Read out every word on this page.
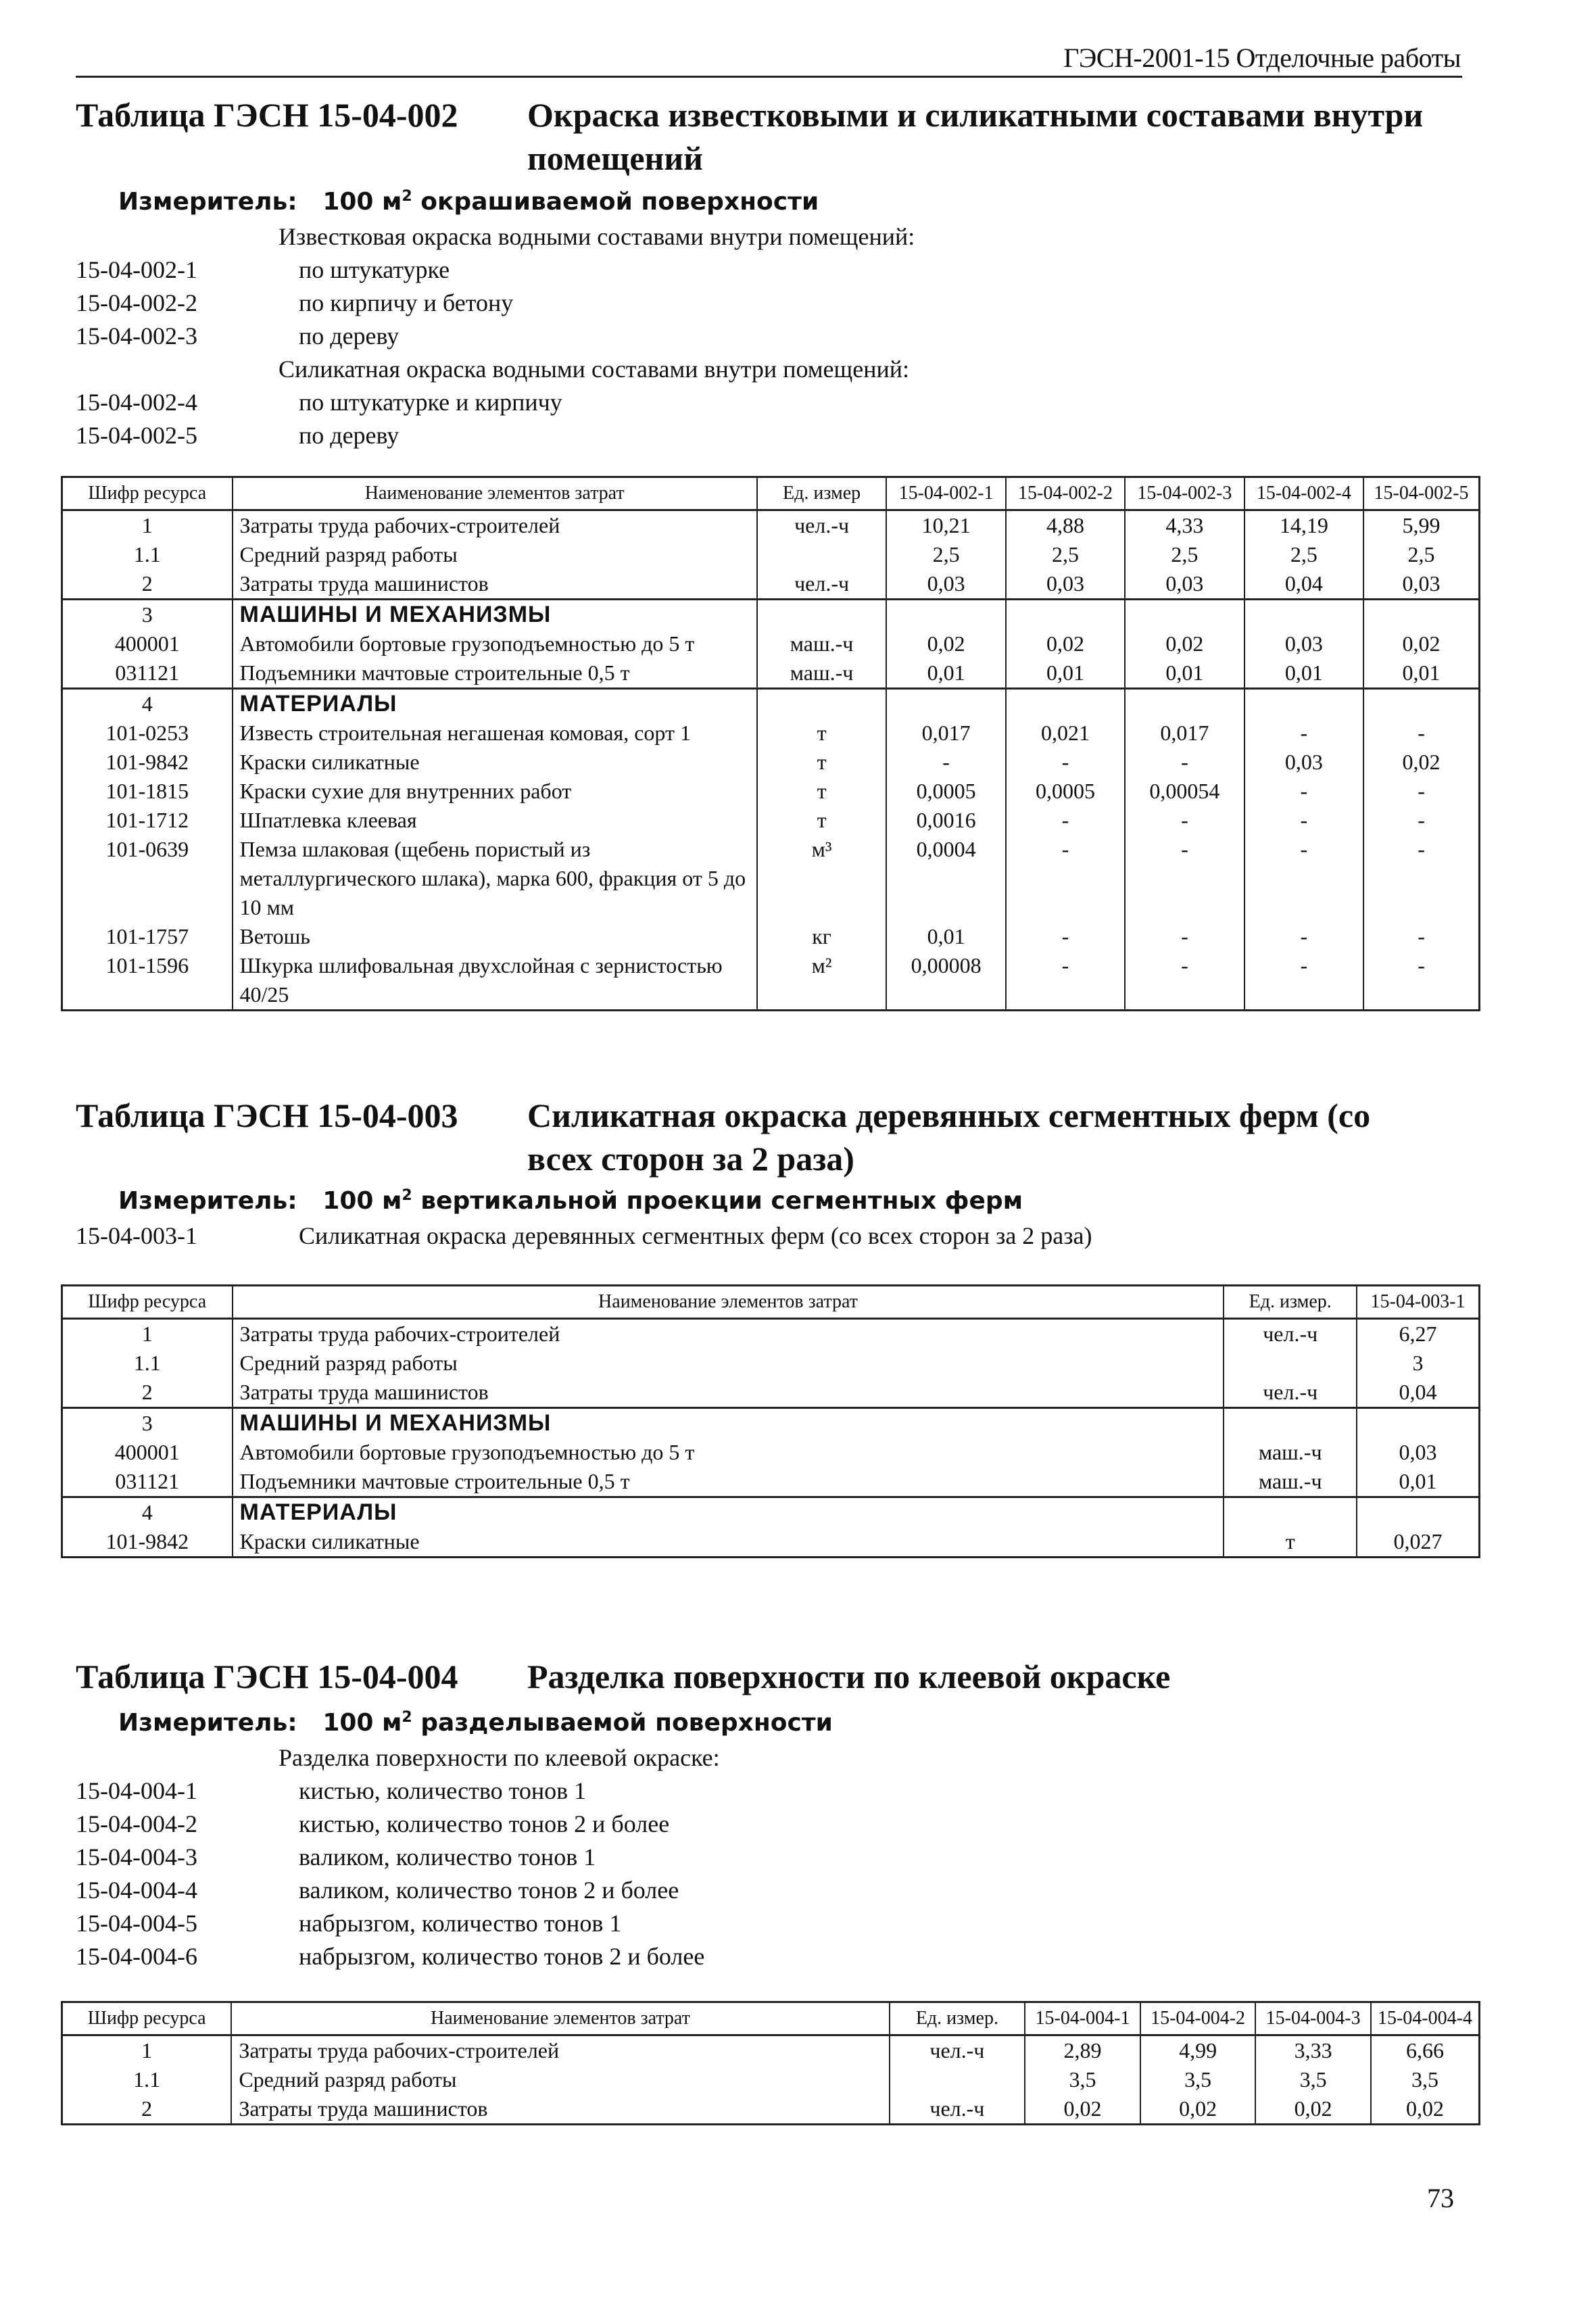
ГЭСН-2001-15 Отделочные работы
Таблица ГЭСН 15-04-002 Окраска известковыми и силикатными составами внутри помещений
Измеритель: 100 $м^2$ окрашиваемой поверхности
Известковая окраска водными составами внутри помещений:
15-04-002-1	по штукатурке
15-04-002-2	по кирпичу и бетону
15-04-002-3	по дереву
Силикатная окраска водными составами внутри помещений:
15-04-002-4	по штукатурке и кирпичу
15-04-002-5	по дереву
Шифр ресурса	Наименование элементов затрат	Ед. измер	15-04-002-1	15-04-002-2	15-04-002-3	15-04-002-4	15-04-002-5
1	Затраты труда рабочих-строителей	чел.-ч	10,21	4,88	4,33	14,19	5,99
1.1	Средний разряд работы		2,5	2,5	2,5	2,5	2,5
2	Затраты труда машинистов	чел.-ч	0,03	0,03	0,03	0,04	0,03
3	МАШИНЫ И МЕХАНИЗМЫ						
400001	Автомобили бортовые грузоподъемностью до 5 т	маш.-ч	0,02	0,02	0,02	0,03	0,02
031121	Подъемники мачтовые строительные 0,5 т	маш.-ч	0,01	0,01	0,01	0,01	0,01
4	МАТЕРИАЛЫ						
101-0253	Известь строительная негашеная комовая, сорт 1	т	0,017	0,021	0,017	-	-
101-9842	Краски силикатные	т	-	-	-	0,03	0,02
101-1815	Краски сухие для внутренних работ	т	0,0005	0,0005	0,00054	-	-
101-1712	Шпатлевка клеевая	т	0,0016	-	-	-	-
101-0639	Пемза шлаковая (щебень пористый из металлургического шлака), марка 600, фракция от 5 до 10 мм	м³	0,0004	-	-	-	-
101-1757	Ветошь	кг	0,01	-	-	-	-
101-1596	Шкурка шлифовальная двухслойная с зернистостью 40/25	м²	0,00008	-	-	-	-
Таблица ГЭСН 15-04-003 Силикатная окраска деревянных сегментных ферм (со всех сторон за 2 раза)
Измеритель: 100 $м^2$ вертикальной проекции сегментных ферм
15-04-003-1	Силикатная окраска деревянных сегментных ферм (со всех сторон за 2 раза)
Шифр ресурса	Наименование элементов затрат	Ед. измер.	15-04-003-1
1	Затраты труда рабочих-строителей	чел.-ч	6,27
1.1	Средний разряд работы		3
2	Затраты труда машинистов	чел.-ч	0,04
3	МАШИНЫ И МЕХАНИЗМЫ		
400001	Автомобили бортовые грузоподъемностью до 5 т	маш.-ч	0,03
031121	Подъемники мачтовые строительные 0,5 т	маш.-ч	0,01
4	МАТЕРИАЛЫ		
101-9842	Краски силикатные	т	0,027
Таблица ГЭСН 15-04-004 Разделка поверхности по клеевой окраске
Измеритель: 100 $м^2$ разделываемой поверхности
Разделка поверхности по клеевой окраске:
15-04-004-1	кистью, количество тонов 1
15-04-004-2	кистью, количество тонов 2 и более
15-04-004-3	валиком, количество тонов 1
15-04-004-4	валиком, количество тонов 2 и более
15-04-004-5	набрызгом, количество тонов 1
15-04-004-6	набрызгом, количество тонов 2 и более
Шифр ресурса	Наименование элементов затрат	Ед. измер.	15-04-004-1	15-04-004-2	15-04-004-3	15-04-004-4
1	Затраты труда рабочих-строителей	чел.-ч	2,89	4,99	3,33	6,66
1.1	Средний разряд работы		3,5	3,5	3,5	3,5
2	Затраты труда машинистов	чел.-ч	0,02	0,02	0,02	0,02
73
